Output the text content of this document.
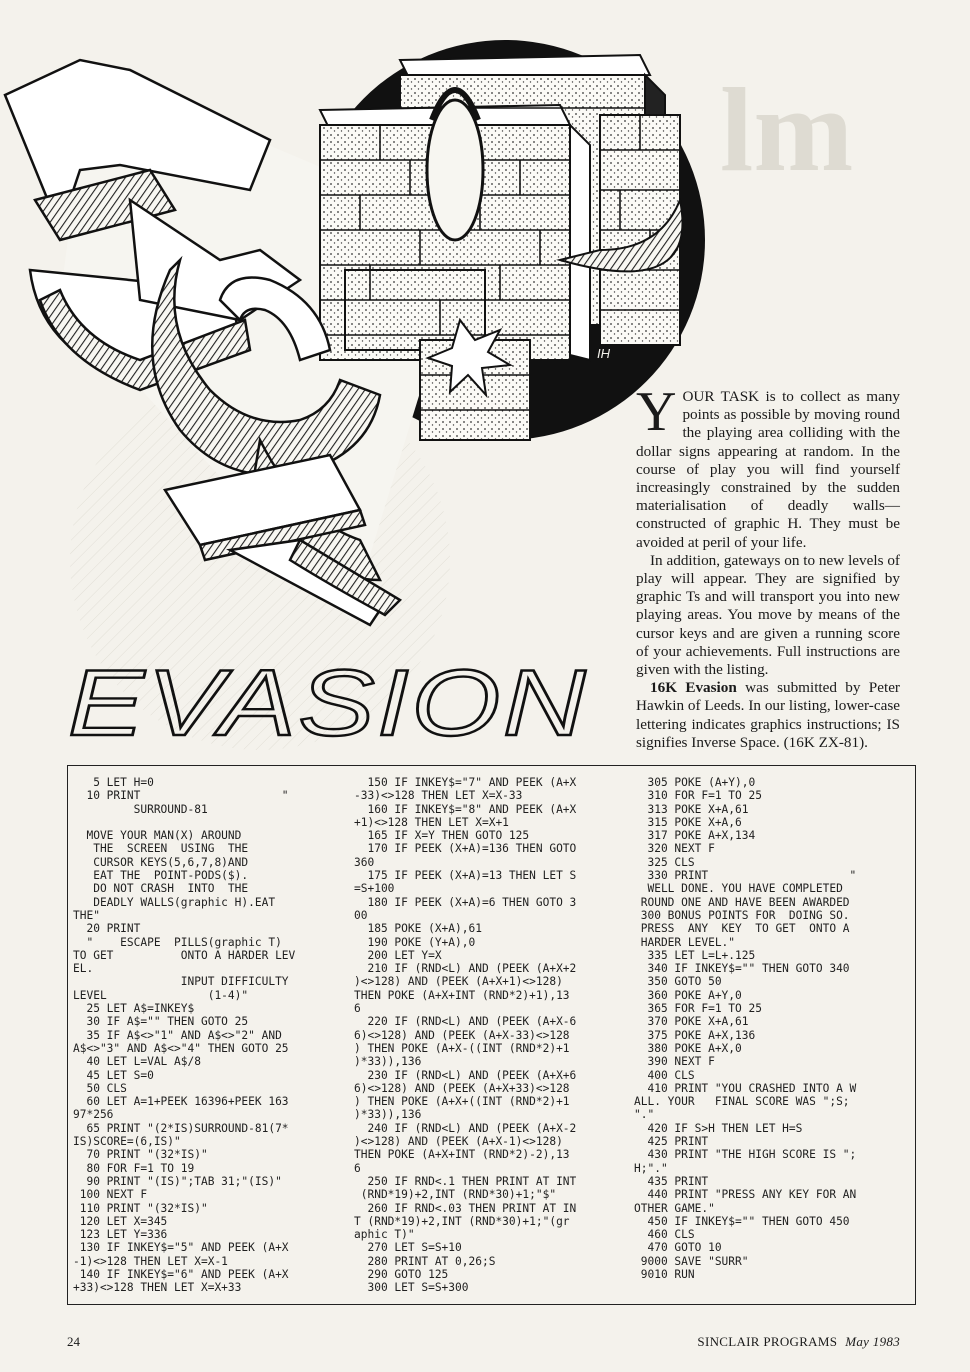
lm
IH
EVASION

YOUR TASK is to collect as many points as possible by moving round the playing area colliding with the dollar signs appearing at random. In the course of play you will find yourself increasingly constrained by the sudden materialisation of deadly walls—constructed of graphic H. They must be avoided at peril of your life.

In addition, gateways on to new levels of play will appear. They are signified by graphic Ts and will transport you into new playing areas. You move by means of the cursor keys and are given a running score of your achievements. Full instructions are given with the listing.

16K Evasion was submitted by Peter Hawkin of Leeds. In our listing, lower-case lettering indicates graphics instructions; IS signifies Inverse Space. (16K ZX-81).

5 LET H=0
10 PRINT                     "
SURROUND-81

MOVE YOUR MAN(X) AROUND
THE  SCREEN  USING  THE
CURSOR KEYS(5,6,7,8)AND
EAT THE  POINT-PODS($).
DO NOT CRASH  INTO  THE
DEADLY WALLS(graphic H).EAT
THE"
20 PRINT
"    ESCAPE  PILLS(graphic T)
TO GET          ONTO A HARDER LEV
EL.
INPUT DIFFICULTY
LEVEL               (1-4)"
25 LET A$=INKEY$
30 IF A$="" THEN GOTO 25
35 IF A$<>"1" AND A$<>"2" AND
A$<>"3" AND A$<>"4" THEN GOTO 25
40 LET L=VAL A$/8
45 LET S=0
50 CLS
60 LET A=1+PEEK 16396+PEEK 163
97*256
65 PRINT "(2*IS)SURROUND-81(7*
IS)SCORE=(6,IS)"
70 PRINT "(32*IS)"
80 FOR F=1 TO 19
90 PRINT "(IS)";TAB 31;"(IS)"
100 NEXT F
110 PRINT "(32*IS)"
120 LET X=345
123 LET Y=336
130 IF INKEY$="5" AND PEEK (A+X
-1)<>128 THEN LET X=X-1
140 IF INKEY$="6" AND PEEK (A+X
+33)<>128 THEN LET X=X+33
150 IF INKEY$="7" AND PEEK (A+X
-33)<>128 THEN LET X=X-33
160 IF INKEY$="8" AND PEEK (A+X
+1)<>128 THEN LET X=X+1
165 IF X=Y THEN GOTO 125
170 IF PEEK (X+A)=136 THEN GOTO
360
175 IF PEEK (X+A)=13 THEN LET S
=S+100
180 IF PEEK (X+A)=6 THEN GOTO 3
00
185 POKE (X+A),61
190 POKE (Y+A),0
200 LET Y=X
210 IF (RND<L) AND (PEEK (A+X+2
)<>128) AND (PEEK (A+X+1)<>128)
THEN POKE (A+X+INT (RND*2)+1),13
6
220 IF (RND<L) AND (PEEK (A+X-6
6)<>128) AND (PEEK (A+X-33)<>128
) THEN POKE (A+X-((INT (RND*2)+1
)*33)),136
230 IF (RND<L) AND (PEEK (A+X+6
6)<>128) AND (PEEK (A+X+33)<>128
) THEN POKE (A+X+((INT (RND*2)+1
)*33)),136
240 IF (RND<L) AND (PEEK (A+X-2
)<>128) AND (PEEK (A+X-1)<>128)
THEN POKE (A+X+INT (RND*2)-2),13
6
250 IF RND<.1 THEN PRINT AT INT
(RND*19)+2,INT (RND*30)+1;"$"
260 IF RND<.03 THEN PRINT AT IN
T (RND*19)+2,INT (RND*30)+1;"(gr
aphic T)"
270 LET S=S+10
280 PRINT AT 0,26;S
290 GOTO 125
300 LET S=S+300
305 POKE (A+Y),0
310 FOR F=1 TO 25
313 POKE X+A,61
315 POKE X+A,6
317 POKE A+X,134
320 NEXT F
325 CLS
330 PRINT                     "
WELL DONE. YOU HAVE COMPLETED
ROUND ONE AND HAVE BEEN AWARDED
300 BONUS POINTS FOR  DOING SO.
PRESS  ANY  KEY  TO GET  ONTO A
HARDER LEVEL."
335 LET L=L+.125
340 IF INKEY$="" THEN GOTO 340
350 GOTO 50
360 POKE A+Y,0
365 FOR F=1 TO 25
370 POKE X+A,61
375 POKE A+X,136
380 POKE A+X,0
390 NEXT F
400 CLS
410 PRINT "YOU CRASHED INTO A W
ALL. YOUR   FINAL SCORE WAS ";S;
"."
420 IF S>H THEN LET H=S
425 PRINT
430 PRINT "THE HIGH SCORE IS ";
H;"."
435 PRINT
440 PRINT "PRESS ANY KEY FOR AN
OTHER GAME."
450 IF INKEY$="" THEN GOTO 450
460 CLS
470 GOTO 10
9000 SAVE "SURR"
9010 RUN
24	SINCLAIR PROGRAMS May 1983
